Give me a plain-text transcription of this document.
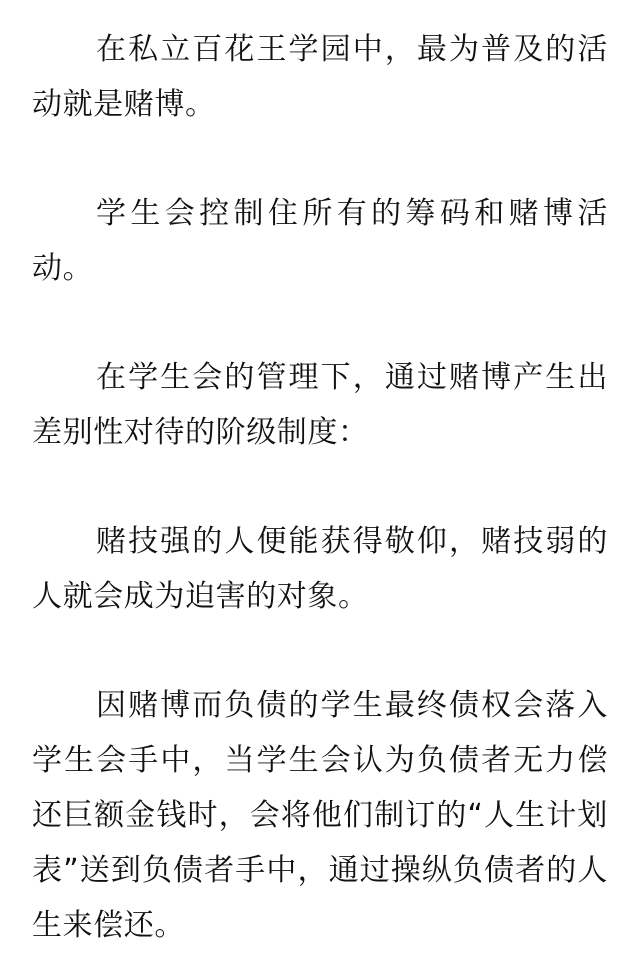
在私立百花王学园中，最为普及的活动就是赌博。

学生会控制住所有的筹码和赌博活动。

在学生会的管理下，通过赌博产生出差别性对待的阶级制度：

赌技强的人便能获得敬仰，赌技弱的人就会成为迫害的对象。

因赌博而负债的学生最终债权会落入学生会手中，当学生会认为负债者无力偿还巨额金钱时，会将他们制订的“人生计划表”送到负债者手中，通过操纵负债者的人生来偿还。
